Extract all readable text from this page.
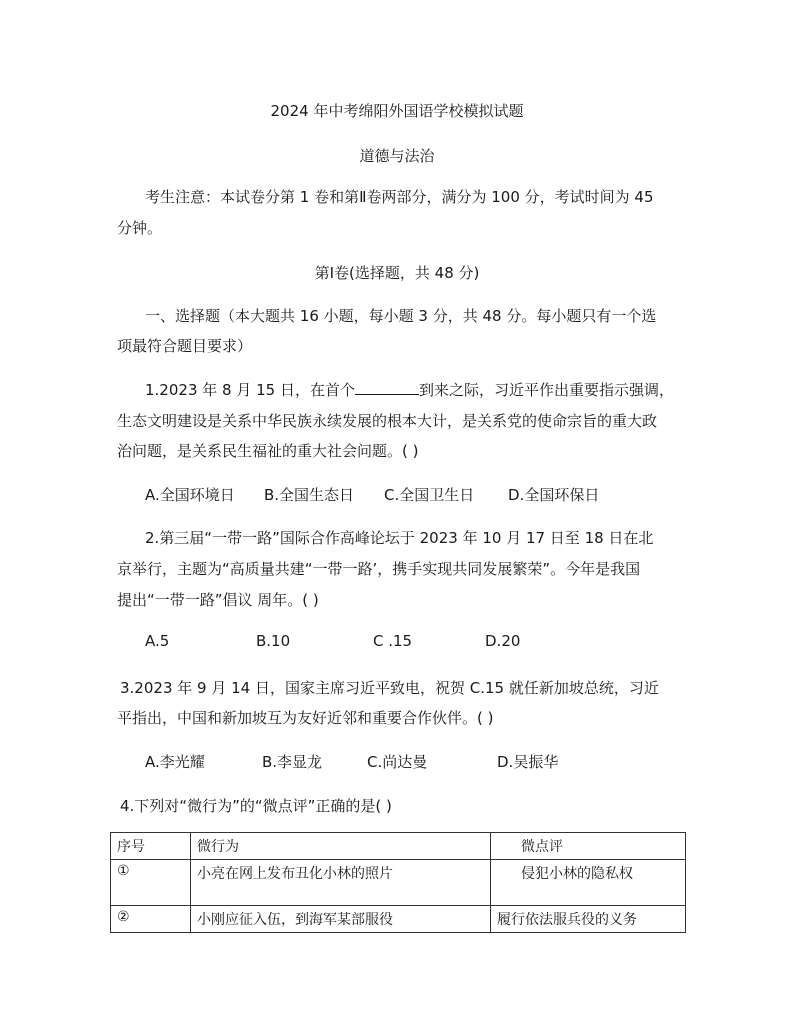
2024 年中考绵阳外国语学校模拟试题
道德与法治
考生注意：本试卷分第 1 卷和第Ⅱ卷两部分，满分为 100 分，考试时间为 45
分钟。
第Ⅰ卷(选择题，共 48 分)
一、选择题（本大题共 16 小题，每小题 3 分，共 48 分。每小题只有一个选
项最符合题目要求）
1.2023 年 8 月 15 日，在首个	到来之际，习近平作出重要指示强调，
生态文明建设是关系中华民族永续发展的根本大计，是关系党的使命宗旨的重大政
治问题，是关系民生福祉的重大社会问题。( )
A.全国环境日 B.全国生态日 C.全国卫生日 D.全国环保日
2.第三届“一带一路”国际合作高峰论坛于 2023 年 10 月 17 日至 18 日在北
京举行，主题为“高质量共建“一带一路’，携手实现共同发展繁荣”。今年是我国
提出“一带一路”倡议 周年。( )
A.5	B.10	C .15	D.20
3.2023 年 9 月 14 日，国家主席习近平致电，祝贺 C.15 就任新加坡总统，习近
平指出，中国和新加坡互为友好近邻和重要合作伙伴。( )
A.李光耀	B.李显龙	C.尚达曼	D.吴振华
4.下列对“微行为”的“微点评”正确的是( )
序号	微行为	微点评
①	小亮在网上发布丑化小林的照片	侵犯小林的隐私权
②	小刚应征入伍，到海军某部服役	履行依法服兵役的义务
